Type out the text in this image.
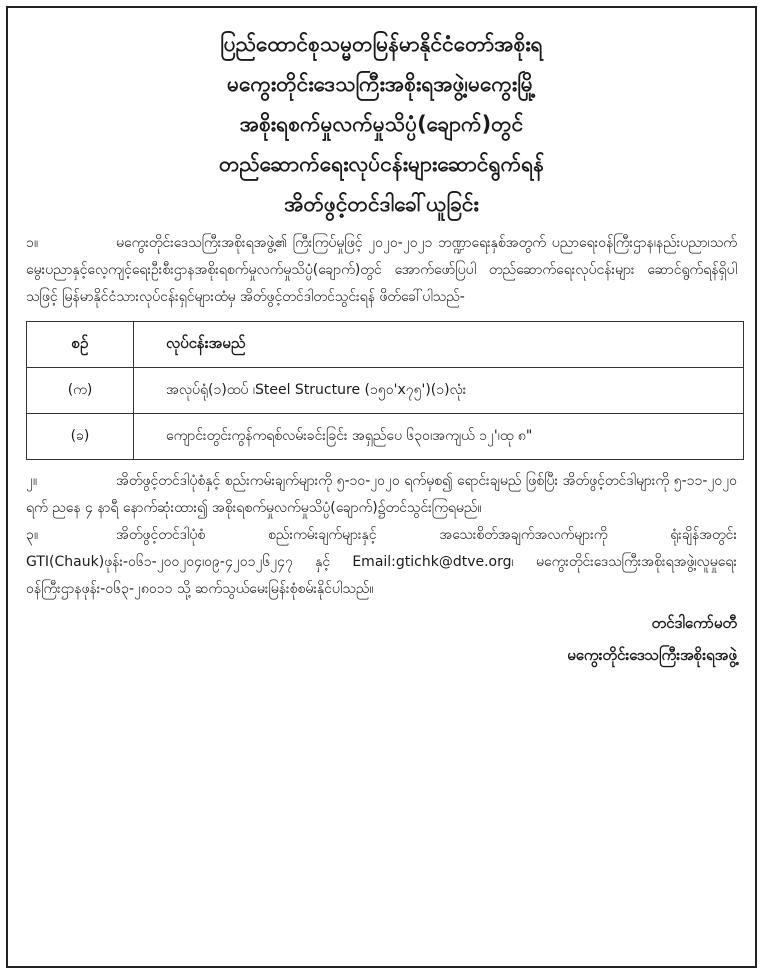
ပြည်ထောင်စုသမ္မတမြန်မာနိုင်ငံတော်အစိုးရ
မကွေးတိုင်းဒေသကြီးအစိုးရအဖွဲ့၊မကွေးမြို့
အစိုးရစက်မှုလက်မှုသိပ္ပံ(ချောက်)တွင်
တည်ဆောက်ရေးလုပ်ငန်းများဆောင်ရွက်ရန်
အိတ်ဖွင့်တင်ဒါခေါ်ယူခြင်း

၁။	မကွေးတိုင်းဒေသကြီးအစိုးရအဖွဲ့၏ ကြီးကြပ်မှုဖြင့် ၂၀၂၀-၂၀၂၁ ဘဏ္ဍာရေးနှစ်အတွက် ပညာရေးဝန်ကြီးဌာန၊နည်းပညာ၊သက်မွေးပညာနှင့်လေ့ကျင့်ရေးဦးစီးဌာနအစိုးရစက်မှုလက်မှုသိပ္ပံ(ချောက်)တွင် အောက်ဖော်ပြပါ တည်ဆောက်ရေးလုပ်ငန်းများ ဆောင်ရွက်ရန်ရှိပါသဖြင့် မြန်မာနိုင်ငံသားလုပ်ငန်းရှင်များထံမှ အိတ်ဖွင့်တင်ဒါတင်သွင်းရန် ဖိတ်ခေါ်ပါသည်-

စဉ်	လုပ်ငန်းအမည်
(က)	အလုပ်ရုံ(၁)ထပ် ၊Steel Structure (၁၅၀'x၇၅')(၁)လုံး
(ခ)	ကျောင်းတွင်းကွန်ကရစ်လမ်းခင်းခြင်း အရှည်ပေ ၆၃၀၊အကျယ် ၁၂'၊ထု ၈"

၂။	အိတ်ဖွင့်တင်ဒါပုံစံနှင့် စည်းကမ်းချက်များကို ၅-၁၀-၂၀၂၀ ရက်မှစ၍ ရောင်းချမည် ဖြစ်ပြီး အိတ်ဖွင့်တင်ဒါများကို ၅-၁၁-၂၀၂၀ ရက် ညနေ ၄ နာရီ နောက်ဆုံးထား၍ အစိုးရစက်မှုလက်မှုသိပ္ပံ(ချောက်)၌တင်သွင်းကြရမည်။

၃။	အိတ်ဖွင့်တင်ဒါပုံစံ စည်းကမ်းချက်များနှင့် အသေးစိတ်အချက်အလက်များကို ရုံးချိန်အတွင်း GTI(Chauk)ဖုန်း-၀၆၁-၂၀၀၂၀၄၊၀၉-၄၂၀၁၂၆၂၄၇ နှင့် Email:gtichk@dtve.org၊ မကွေးတိုင်းဒေသကြီးအစိုးရအဖွဲ့၊လူမှုရေးဝန်ကြီးဌာနဖုန်း-၀၆၃-၂၈၀၁၁ သို့ ဆက်သွယ်မေးမြန်းစုံစမ်းနိုင်ပါသည်။

တင်ဒါကော်မတီ
မကွေးတိုင်းဒေသကြီးအစိုးရအဖွဲ့
